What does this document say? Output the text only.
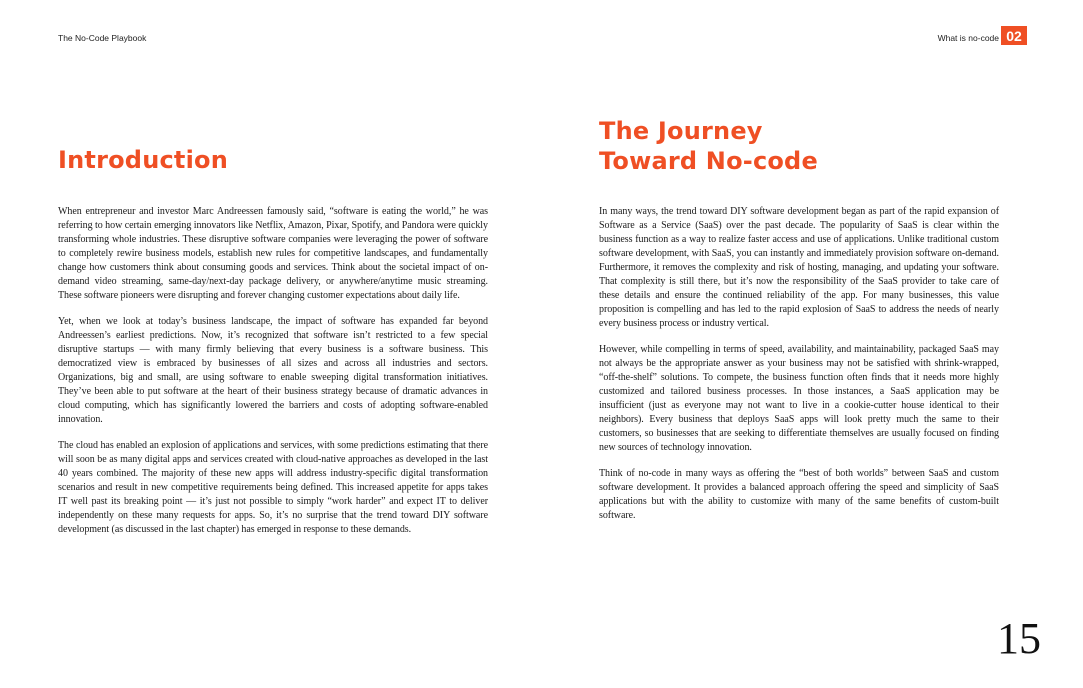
The No-Code Playbook	What is no-code 02
Introduction

When entrepreneur and investor Marc Andreessen famously said, “software is eating the world,” he was referring to how certain emerging innovators like Netflix, Amazon, Pixar, Spotify, and Pandora were quickly transforming whole industries. These disruptive software companies were leveraging the power of software to completely rewire business models, establish new rules for competitive landscapes, and fundamentally change how customers think about consuming goods and services. Think about the societal impact of on-demand video streaming, same-day/next-day package delivery, or anywhere/anytime music streaming. These software pioneers were disrupting and forever changing customer expectations about daily life.

Yet, when we look at today’s business landscape, the impact of software has expanded far beyond Andreessen’s earliest predictions. Now, it’s recognized that software isn’t restricted to a few special disruptive startups — with many firmly believing that every business is a software business. This democratized view is embraced by businesses of all sizes and across all industries and sectors. Organizations, big and small, are using software to enable sweeping digital transformation initiatives. They’ve been able to put software at the heart of their business strategy because of dramatic advances in cloud computing, which has significantly lowered the barriers and costs of adopting software-enabled innovation.

The cloud has enabled an explosion of applications and services, with some predictions estimating that there will soon be as many digital apps and services created with cloud-native approaches as developed in the last 40 years combined. The majority of these new apps will address industry-specific digital transformation scenarios and result in new competitive requirements being defined. This increased appetite for apps takes IT well past its breaking point — it’s just not possible to simply “work harder” and expect IT to deliver independently on these many requests for apps. So, it’s no surprise that the trend toward DIY software development (as discussed in the last chapter) has emerged in response to these demands.

The Journey
Toward No-code

In many ways, the trend toward DIY software development began as part of the rapid expansion of Software as a Service (SaaS) over the past decade. The popularity of SaaS is clear within the business function as a way to realize faster access and use of applications. Unlike traditional custom software development, with SaaS, you can instantly and immediately provision software on-demand. Furthermore, it removes the complexity and risk of hosting, managing, and updating your software. That complexity is still there, but it’s now the responsibility of the SaaS provider to take care of these details and ensure the continued reliability of the app. For many businesses, this value proposition is compelling and has led to the rapid explosion of SaaS to address the needs of nearly every business process or industry vertical.

However, while compelling in terms of speed, availability, and maintainability, packaged SaaS may not always be the appropriate answer as your business may not be satisfied with shrink-wrapped, “off-the-shelf” solutions. To compete, the business function often finds that it needs more highly customized and tailored business processes. In those instances, a SaaS application may be insufficient (just as everyone may not want to live in a cookie-cutter house identical to their neighbors). Every business that deploys SaaS apps will look pretty much the same to their customers, so businesses that are seeking to differentiate themselves are usually focused on finding new sources of technology innovation.

Think of no-code in many ways as offering the “best of both worlds” between SaaS and custom software development. It provides a balanced approach offering the speed and simplicity of SaaS applications but with the ability to customize with many of the same benefits of custom-built software.

15
